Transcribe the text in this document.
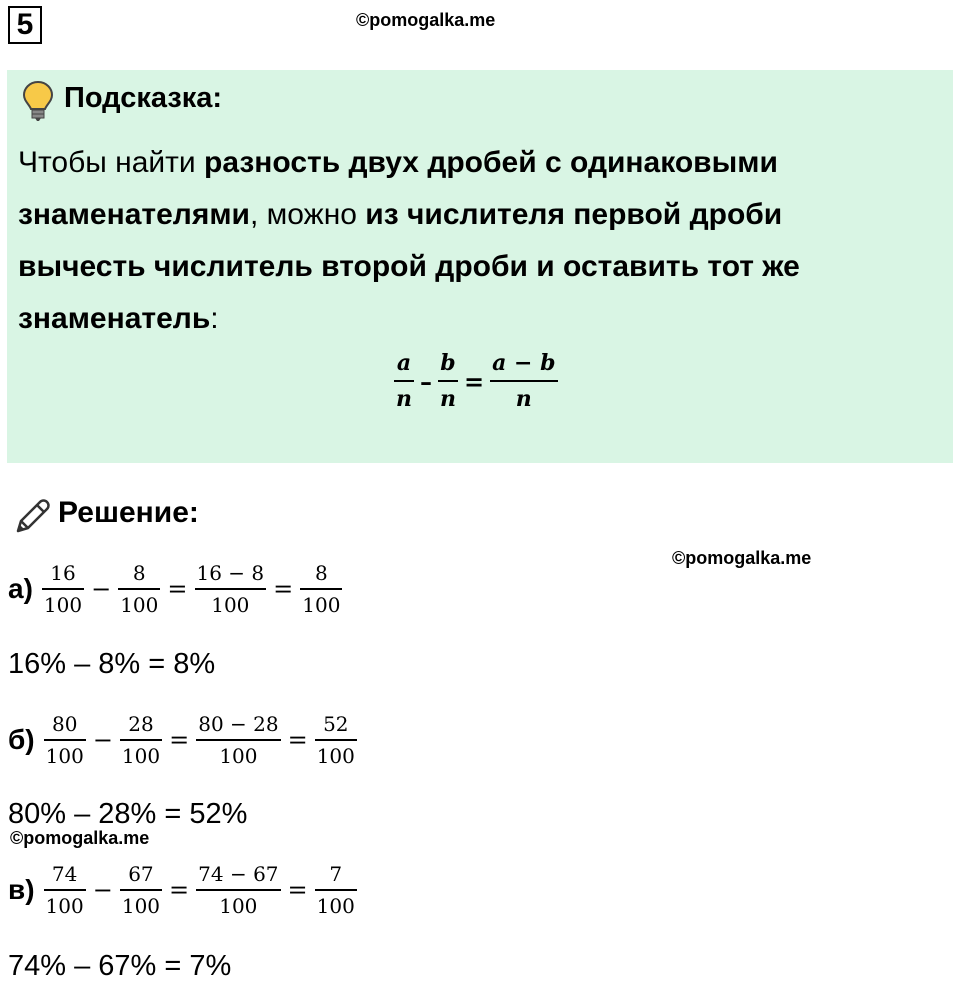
5	©pomogalka.me
Подсказка:
Чтобы найти разность двух дробей с одинаковыми
знаменателями, можно из числителя первой дроби
вычесть числитель второй дроби и оставить тот же
знаменатель:
$\frac{a}{n} - \frac{b}{n} = \frac{a - b}{n}$
Решение:
©pomogalka.me
$а) \frac{16}{100} - \frac{8}{100} = \frac{16 - 8}{100} = \frac{8}{100}$
16% – 8% = 8%
$б) \frac{80}{100} - \frac{28}{100} = \frac{80 - 28}{100} = \frac{52}{100}$
80% – 28% = 52%
©pomogalka.me
$в) \frac{74}{100} - \frac{67}{100} = \frac{74 - 67}{100} = \frac{7}{100}$
74% – 67% = 7%
